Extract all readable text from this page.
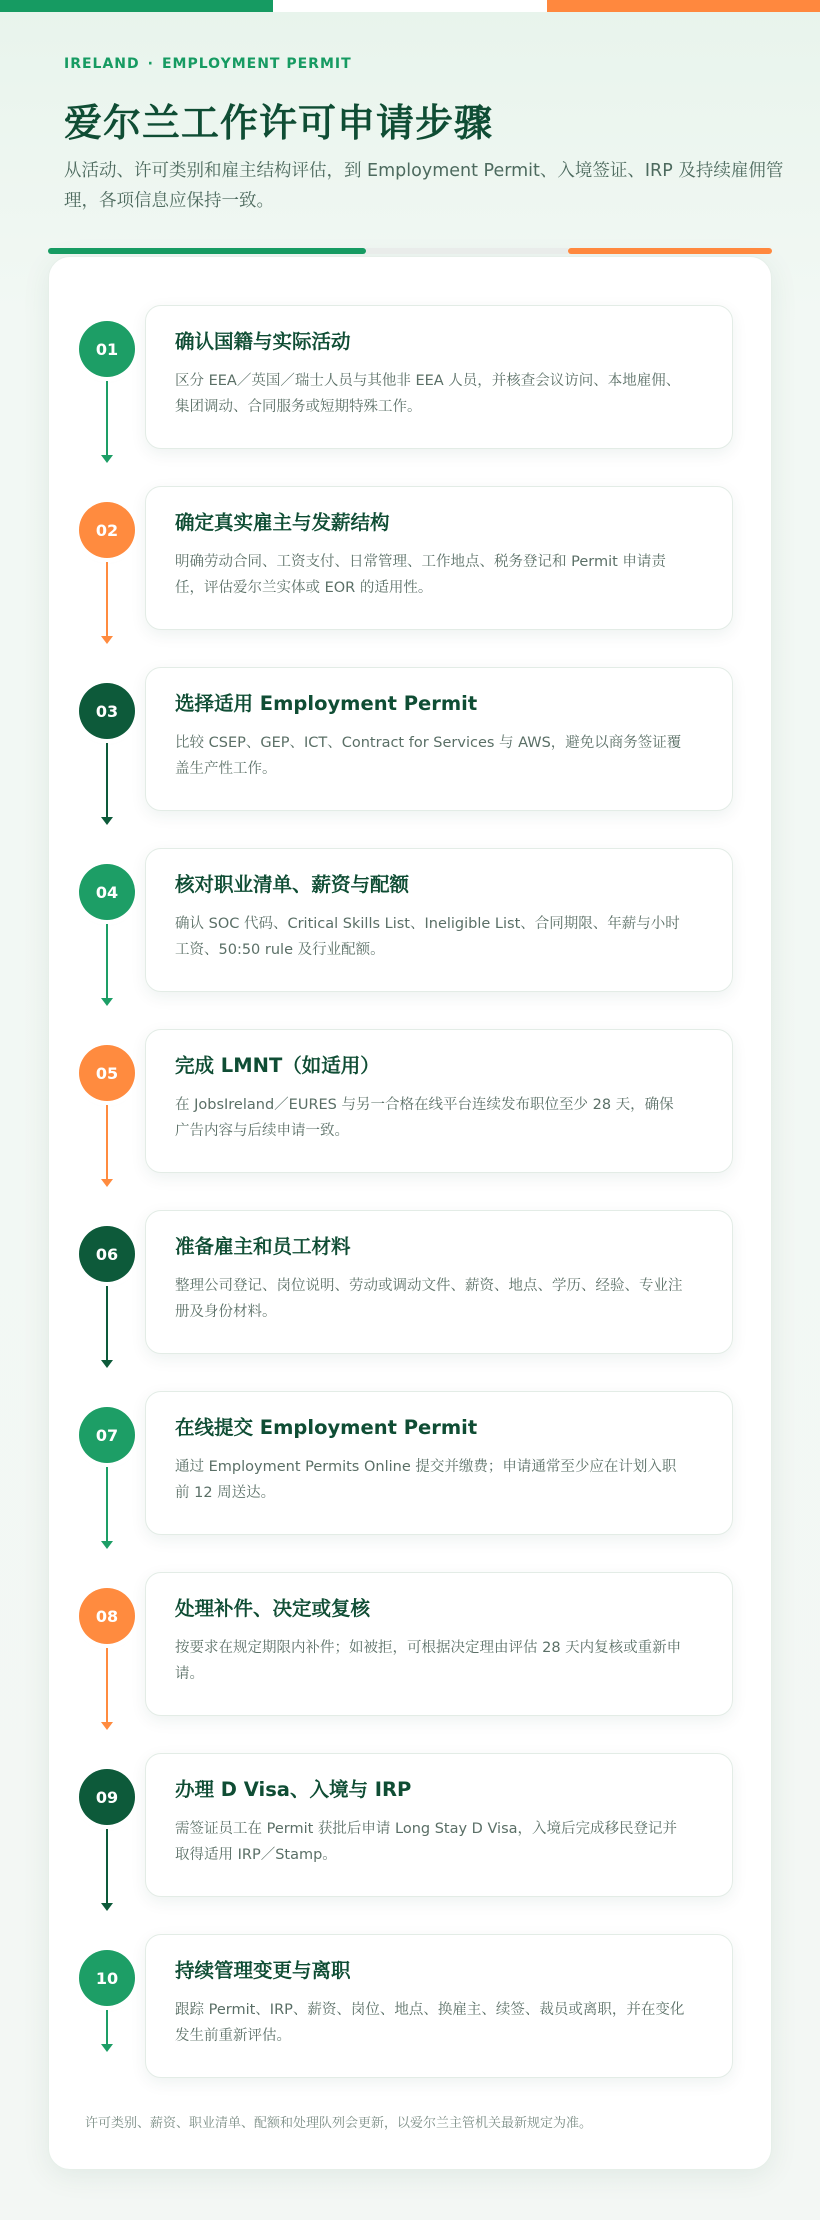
IRELAND · EMPLOYMENT PERMIT
爱尔兰工作许可申请步骤

从活动、许可类别和雇主结构评估，到 Employment Permit、入境签证、IRP 及持续雇佣管理，各项信息应保持一致。

01	确认国籍与实际活动

区分 EEA／英国／瑞士人员与其他非 EEA 人员，并核查会议访问、本地雇佣、集团调动、合同服务或短期特殊工作。

02	确定真实雇主与发薪结构

明确劳动合同、工资支付、日常管理、工作地点、税务登记和 Permit 申请责任，评估爱尔兰实体或 EOR 的适用性。

03	选择适用 Employment Permit

比较 CSEP、GEP、ICT、Contract for Services 与 AWS，避免以商务签证覆盖生产性工作。

04	核对职业清单、薪资与配额

确认 SOC 代码、Critical Skills List、Ineligible List、合同期限、年薪与小时工资、50:50 rule 及行业配额。

05	完成 LMNT（如适用）

在 JobsIreland／EURES 与另一合格在线平台连续发布职位至少 28 天，确保广告内容与后续申请一致。

06	准备雇主和员工材料

整理公司登记、岗位说明、劳动或调动文件、薪资、地点、学历、经验、专业注册及身份材料。

07	在线提交 Employment Permit

通过 Employment Permits Online 提交并缴费；申请通常至少应在计划入职前 12 周送达。

08	处理补件、决定或复核

按要求在规定期限内补件；如被拒，可根据决定理由评估 28 天内复核或重新申请。

09	办理 D Visa、入境与 IRP

需签证员工在 Permit 获批后申请 Long Stay D Visa，入境后完成移民登记并取得适用 IRP／Stamp。

10	持续管理变更与离职

跟踪 Permit、IRP、薪资、岗位、地点、换雇主、续签、裁员或离职，并在变化发生前重新评估。

许可类别、薪资、职业清单、配额和处理队列会更新，以爱尔兰主管机关最新规定为准。
